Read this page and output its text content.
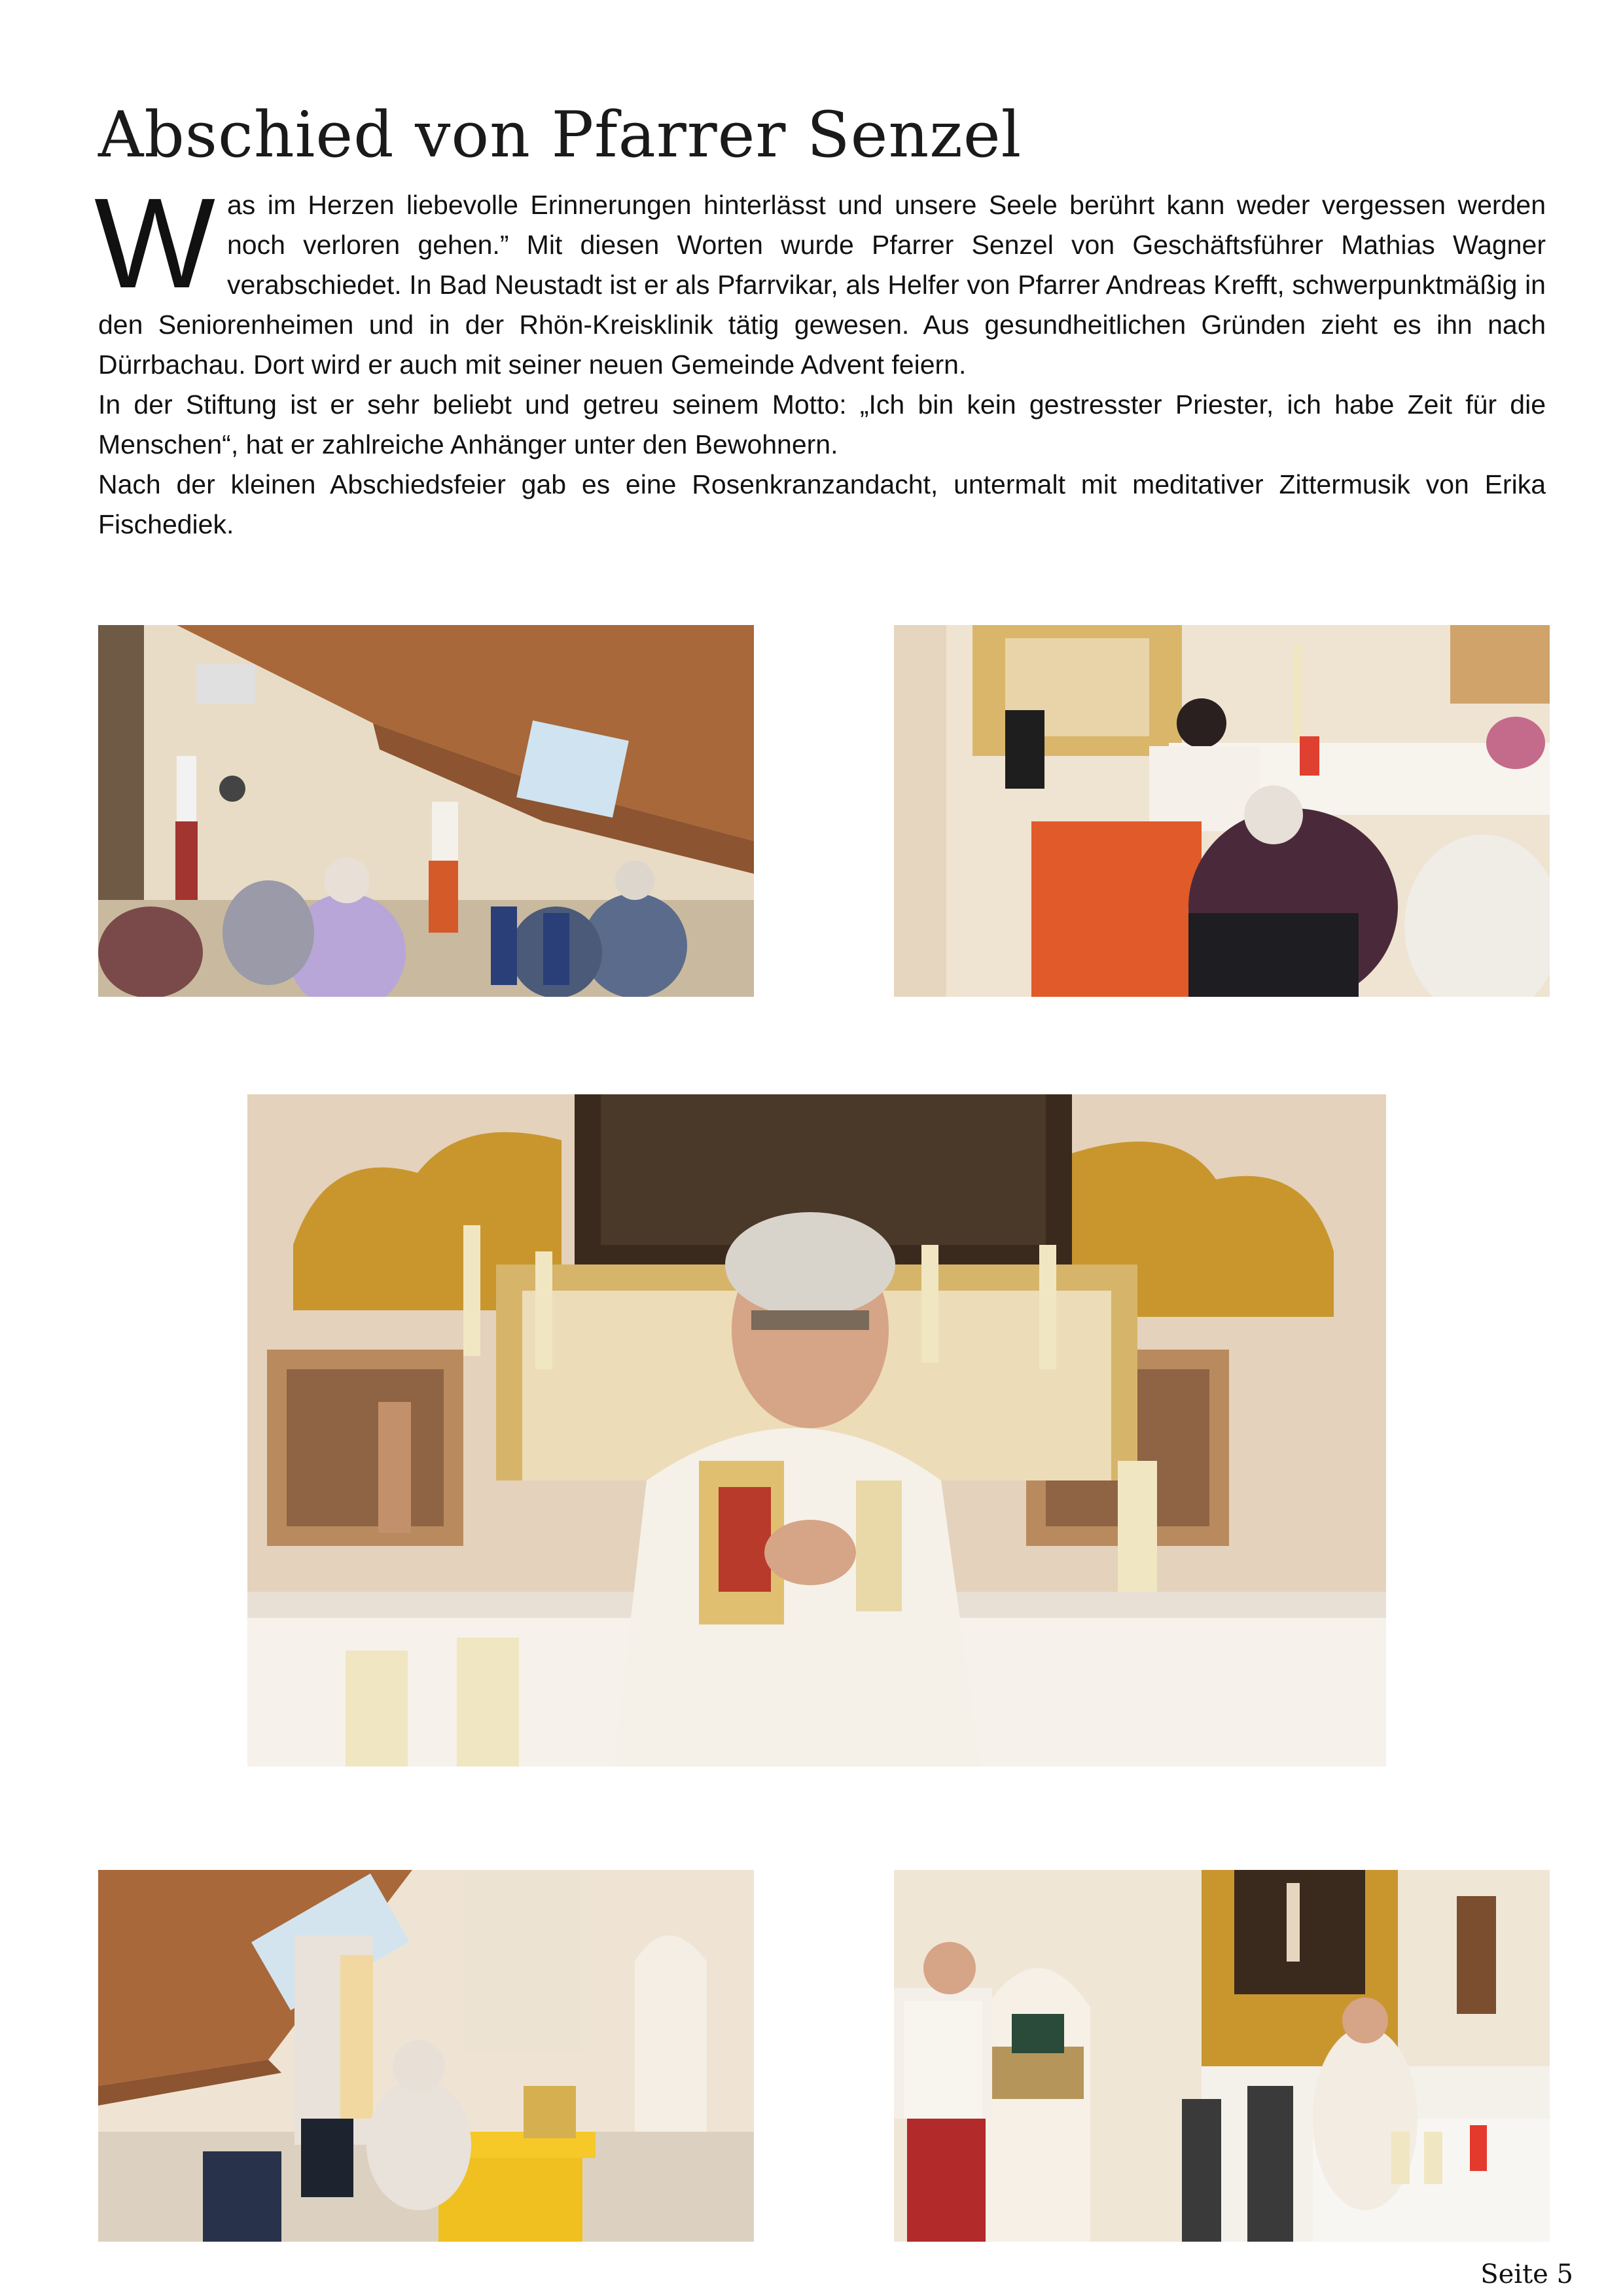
Abschied von Pfarrer Senzel
W as im Herzen liebevolle Erinnerungen hinterlässt und unsere Seele berührt kann weder vergessen werden noch verloren gehen.” Mit diesen Worten wurde Pfarrer Senzel von Geschäftsführer Mathias Wagner verabschiedet. In Bad Neustadt ist er als Pfarrvikar, als Helfer von Pfarrer Andreas Krefft, schwerpunktmäßig in den Seniorenheimen und in der Rhön-Kreisklinik tätig gewesen. Aus gesundheitlichen Gründen zieht es ihn nach Dürrbachau. Dort wird er auch mit seiner neuen Gemeinde Advent feiern.

In der Stiftung ist er sehr beliebt und getreu seinem Motto: „Ich bin kein gestresster Priester, ich habe Zeit für die Menschen“, hat er zahlreiche Anhänger unter den Bewohnern.

Nach der kleinen Abschiedsfeier gab es eine Rosenkranzandacht, untermalt mit meditativer Zittermusik von Erika Fischediek.

Seite 5
